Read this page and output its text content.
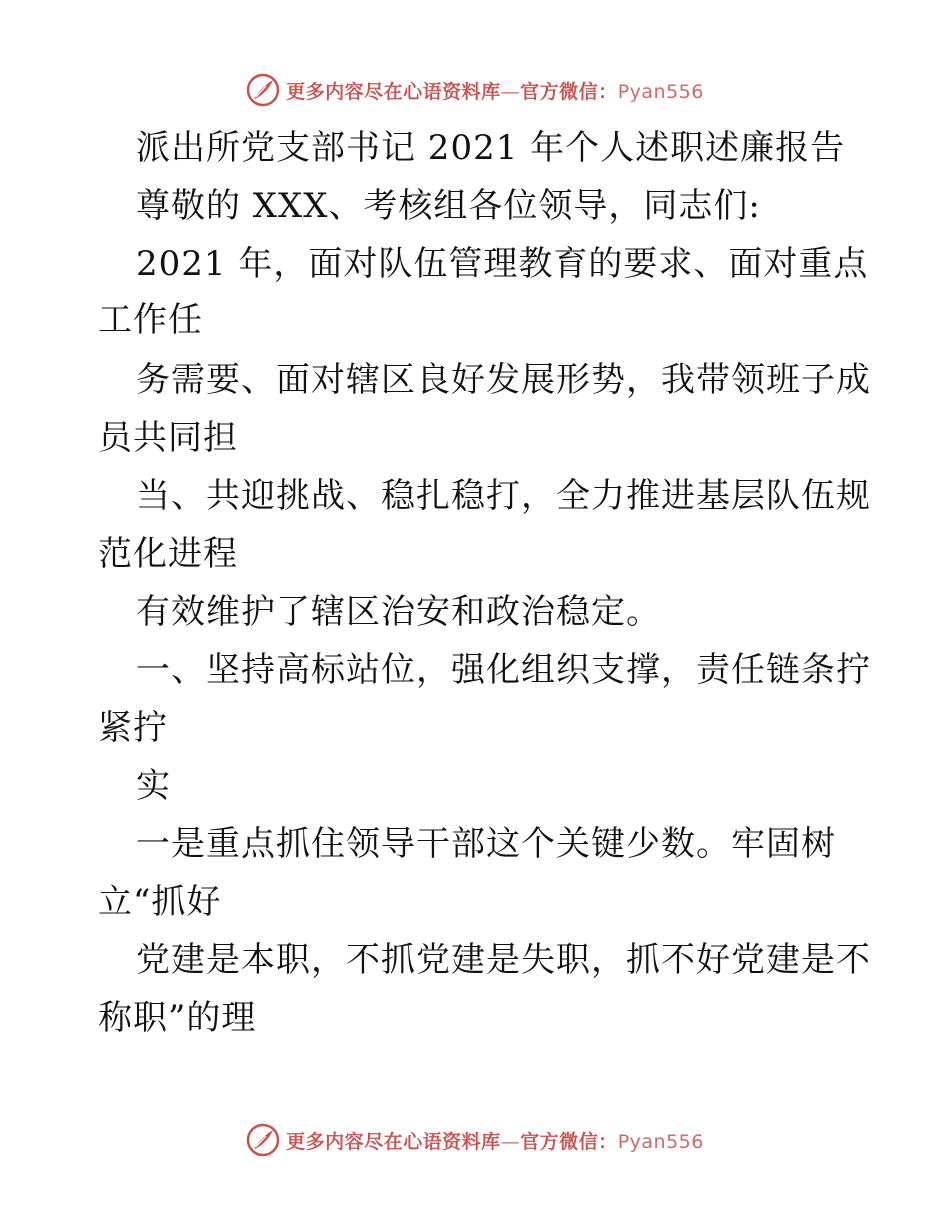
更多内容尽在心语资料库—官方微信：Pyan556
派出所党支部书记 2021 年个人述职述廉报告
尊敬的 XXX、考核组各位领导，同志们:
2021 年，面对队伍管理教育的要求、面对重点
工作任
务需要、面对辖区良好发展形势，我带领班子成
员共同担
当、共迎挑战、稳扎稳打，全力推进基层队伍规
范化进程
有效维护了辖区治安和政治稳定。
一、坚持高标站位，强化组织支撑，责任链条拧
紧拧
实
一是重点抓住领导干部这个关键少数。牢固树
立“抓好
党建是本职，不抓党建是失职，抓不好党建是不
称职”的理
更多内容尽在心语资料库—官方微信：Pyan556
